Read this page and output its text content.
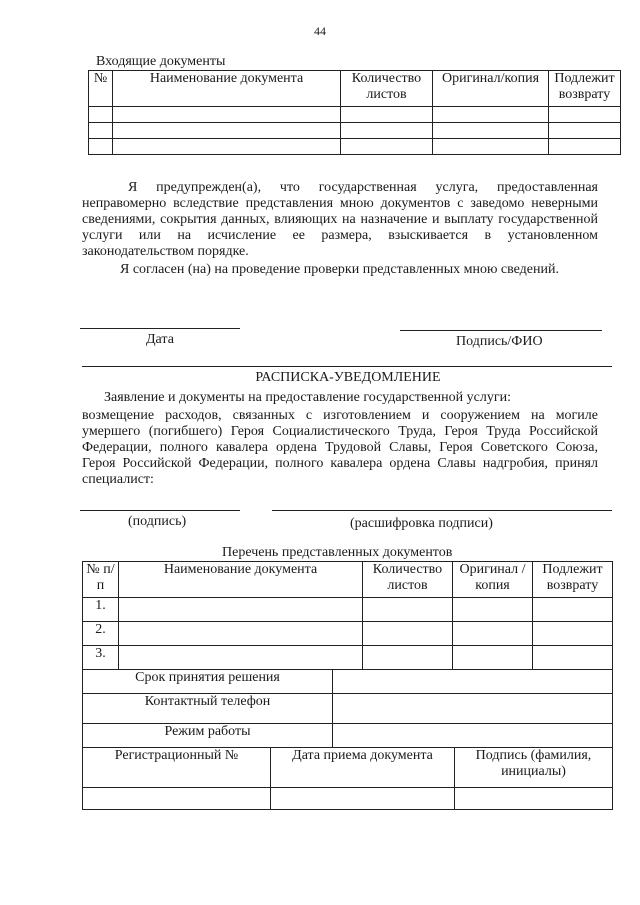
44
Входящие документы
№	Наименование документа	Количество листов	Оригинал/копия	Подлежит возврату

Я предупрежден(а), что государственная услуга, предоставленная неправомерно вследствие представления мною документов с заведомо неверными сведениями, сокрытия данных, влияющих на назначение и выплату государственной услуги или на исчисление ее размера, взыскивается в установленном законодательством порядке.
Я согласен (на) на проведение проверки представленных мною сведений.
Дата	Подпись/ФИО
РАСПИСКА-УВЕДОМЛЕНИЕ
Заявление и документы на предоставление государственной услуги:
возмещение расходов, связанных с изготовлением и сооружением на могиле умершего (погибшего) Героя Социалистического Труда, Героя Труда Российской Федерации, полного кавалера ордена Трудовой Славы, Героя Советского Союза, Героя Российской Федерации, полного кавалера ордена Славы надгробия, принял специалист:
(подпись)	(расшифровка подписи)
Перечень представленных документов
№ п/п	Наименование документа	Количество листов	Оригинал /копия	Подлежит возврату
1.				
2.				
3.				
Срок принятия решения	
Контактный телефон	
Режим работы	
Регистрационный №	Дата приема документа	Подпись (фамилия, инициалы)
